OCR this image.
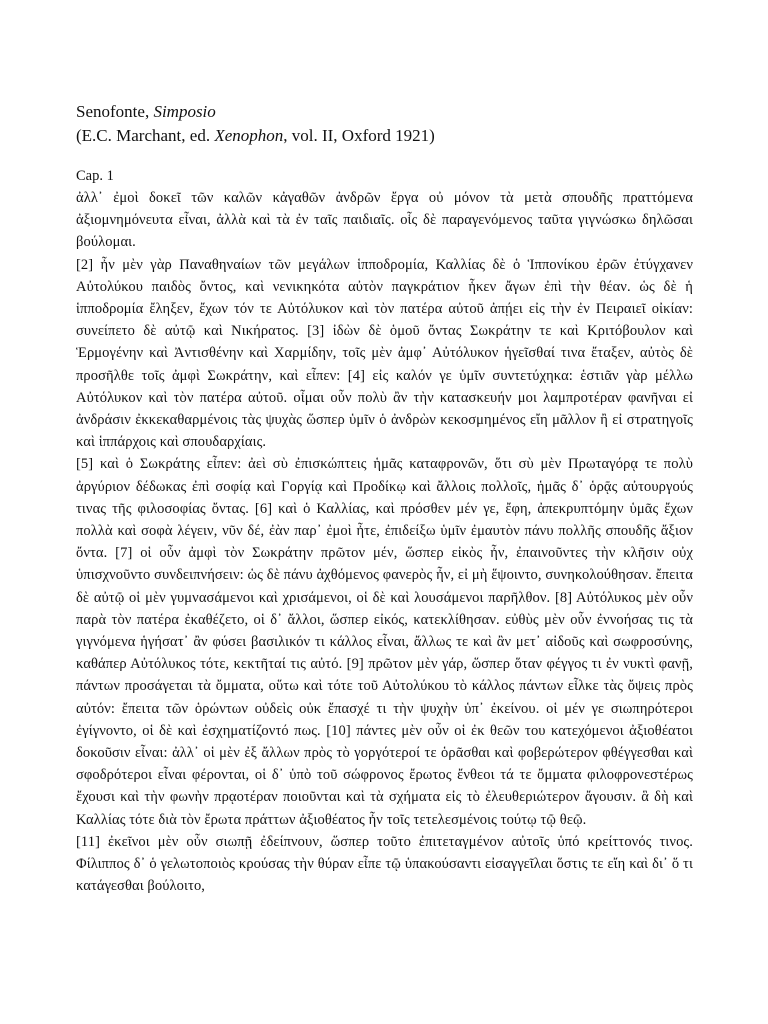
Senofonte, Simposio

(E.C. Marchant, ed. Xenophon, vol. II, Oxford 1921)

Cap. 1

ἀλλ᾽ ἐμοὶ δοκεῖ τῶν καλῶν κἀγαθῶν ἀνδρῶν ἔργα οὐ μόνον τὰ μετὰ σπουδῆς πραττόμενα ἀξιομνημόνευτα εἶναι, ἀλλὰ καὶ τὰ ἐν ταῖς παιδιαῖς. οἷς δὲ παραγενόμενος ταῦτα γιγνώσκω δηλῶσαι βούλομαι.

[2] ἦν μὲν γὰρ Παναθηναίων τῶν μεγάλων ἱπποδρομία, Καλλίας δὲ ὁ Ἱππονίκου ἐρῶν ἐτύγχανεν Αὐτολύκου παιδὸς ὄντος, καὶ νενικηκότα αὐτὸν παγκράτιον ἧκεν ἄγων ἐπὶ τὴν θέαν. ὡς δὲ ἡ ἱπποδρομία ἔληξεν, ἔχων τόν τε Αὐτόλυκον καὶ τὸν πατέρα αὐτοῦ ἀπῄει εἰς τὴν ἐν Πειραιεῖ οἰκίαν: συνείπετο δὲ αὐτῷ καὶ Νικήρατος. [3] ἰδὼν δὲ ὁμοῦ ὄντας Σωκράτην τε καὶ Κριτόβουλον καὶ Ἑρμογένην καὶ Ἀντισθένην καὶ Χαρμίδην, τοῖς μὲν ἀμφ᾽ Αὐτόλυκον ἡγεῖσθαί τινα ἔταξεν, αὐτὸς δὲ προσῆλθε τοῖς ἀμφὶ Σωκράτην, καὶ εἶπεν: [4] εἰς καλόν γε ὑμῖν συντετύχηκα: ἑστιᾶν γὰρ μέλλω Αὐτόλυκον καὶ τὸν πατέρα αὐτοῦ. οἶμαι οὖν πολὺ ἂν τὴν κατασκευήν μοι λαμπροτέραν φανῆναι εἰ ἀνδράσιν ἐκκεκαθαρμένοις τὰς ψυχὰς ὥσπερ ὑμῖν ὁ ἀνδρὼν κεκοσμημένος εἴη μᾶλλον ἢ εἰ στρατηγοῖς καὶ ἱππάρχοις καὶ σπουδαρχίαις.

[5] καὶ ὁ Σωκράτης εἶπεν: ἀεὶ σὺ ἐπισκώπτεις ἡμᾶς καταφρονῶν, ὅτι σὺ μὲν Πρωταγόρᾳ τε πολὺ ἀργύριον δέδωκας ἐπὶ σοφίᾳ καὶ Γοργίᾳ καὶ Προδίκῳ καὶ ἄλλοις πολλοῖς, ἡμᾶς δ᾽ ὁρᾷς αὐτουργούς τινας τῆς φιλοσοφίας ὄντας. [6] καὶ ὁ Καλλίας, καὶ πρόσθεν μέν γε, ἔφη, ἀπεκρυπτόμην ὑμᾶς ἔχων πολλὰ καὶ σοφὰ λέγειν, νῦν δέ, ἐὰν παρ᾽ ἐμοὶ ἦτε, ἐπιδείξω ὑμῖν ἐμαυτὸν πάνυ πολλῆς σπουδῆς ἄξιον ὄντα. [7] οἱ οὖν ἀμφὶ τὸν Σωκράτην πρῶτον μέν, ὥσπερ εἰκὸς ἦν, ἐπαινοῦντες τὴν κλῆσιν οὐχ ὑπισχνοῦντο συνδειπνήσειν: ὡς δὲ πάνυ ἀχθόμενος φανερὸς ἦν, εἰ μὴ ἕψοιντο, συνηκολούθησαν. ἔπειτα δὲ αὐτῷ οἱ μὲν γυμνασάμενοι καὶ χρισάμενοι, οἱ δὲ καὶ λουσάμενοι παρῆλθον. [8] Αὐτόλυκος μὲν οὖν παρὰ τὸν πατέρα ἐκαθέζετο, οἱ δ᾽ ἄλλοι, ὥσπερ εἰκός, κατεκλίθησαν. εὐθὺς μὲν οὖν ἐννοήσας τις τὰ γιγνόμενα ἡγήσατ᾽ ἂν φύσει βασιλικόν τι κάλλος εἶναι, ἄλλως τε καὶ ἂν μετ᾽ αἰδοῦς καὶ σωφροσύνης, καθάπερ Αὐτόλυκος τότε, κεκτῆταί τις αὐτό. [9] πρῶτον μὲν γάρ, ὥσπερ ὅταν φέγγος τι ἐν νυκτὶ φανῇ, πάντων προσάγεται τὰ ὄμματα, οὕτω καὶ τότε τοῦ Αὐτολύκου τὸ κάλλος πάντων εἷλκε τὰς ὄψεις πρὸς αὐτόν: ἔπειτα τῶν ὁρώντων οὐδεὶς οὐκ ἔπασχέ τι τὴν ψυχὴν ὑπ᾽ ἐκείνου. οἱ μέν γε σιωπηρότεροι ἐγίγνοντο, οἱ δὲ καὶ ἐσχηματίζοντό πως. [10] πάντες μὲν οὖν οἱ ἐκ θεῶν του κατεχόμενοι ἀξιοθέατοι δοκοῦσιν εἶναι: ἀλλ᾽ οἱ μὲν ἐξ ἄλλων πρὸς τὸ γοργότεροί τε ὁρᾶσθαι καὶ φοβερώτερον φθέγγεσθαι καὶ σφοδρότεροι εἶναι φέρονται, οἱ δ᾽ ὑπὸ τοῦ σώφρονος ἔρωτος ἔνθεοι τά τε ὄμματα φιλοφρονεστέρως ἔχουσι καὶ τὴν φωνὴν πρᾳοτέραν ποιοῦνται καὶ τὰ σχήματα εἰς τὸ ἐλευθεριώτερον ἄγουσιν. ἃ δὴ καὶ Καλλίας τότε διὰ τὸν ἔρωτα πράττων ἀξιοθέατος ἦν τοῖς τετελεσμένοις τούτῳ τῷ θεῷ.

[11] ἐκεῖνοι μὲν οὖν σιωπῇ ἐδείπνουν, ὥσπερ τοῦτο ἐπιτεταγμένον αὐτοῖς ὑπό κρείττονός τινος. Φίλιππος δ᾽ ὁ γελωτοποιὸς κρούσας τὴν θύραν εἶπε τῷ ὑπακούσαντι εἰσαγγεῖλαι ὅστις τε εἴη καὶ δι᾽ ὅ τι κατάγεσθαι βούλοιτο,
